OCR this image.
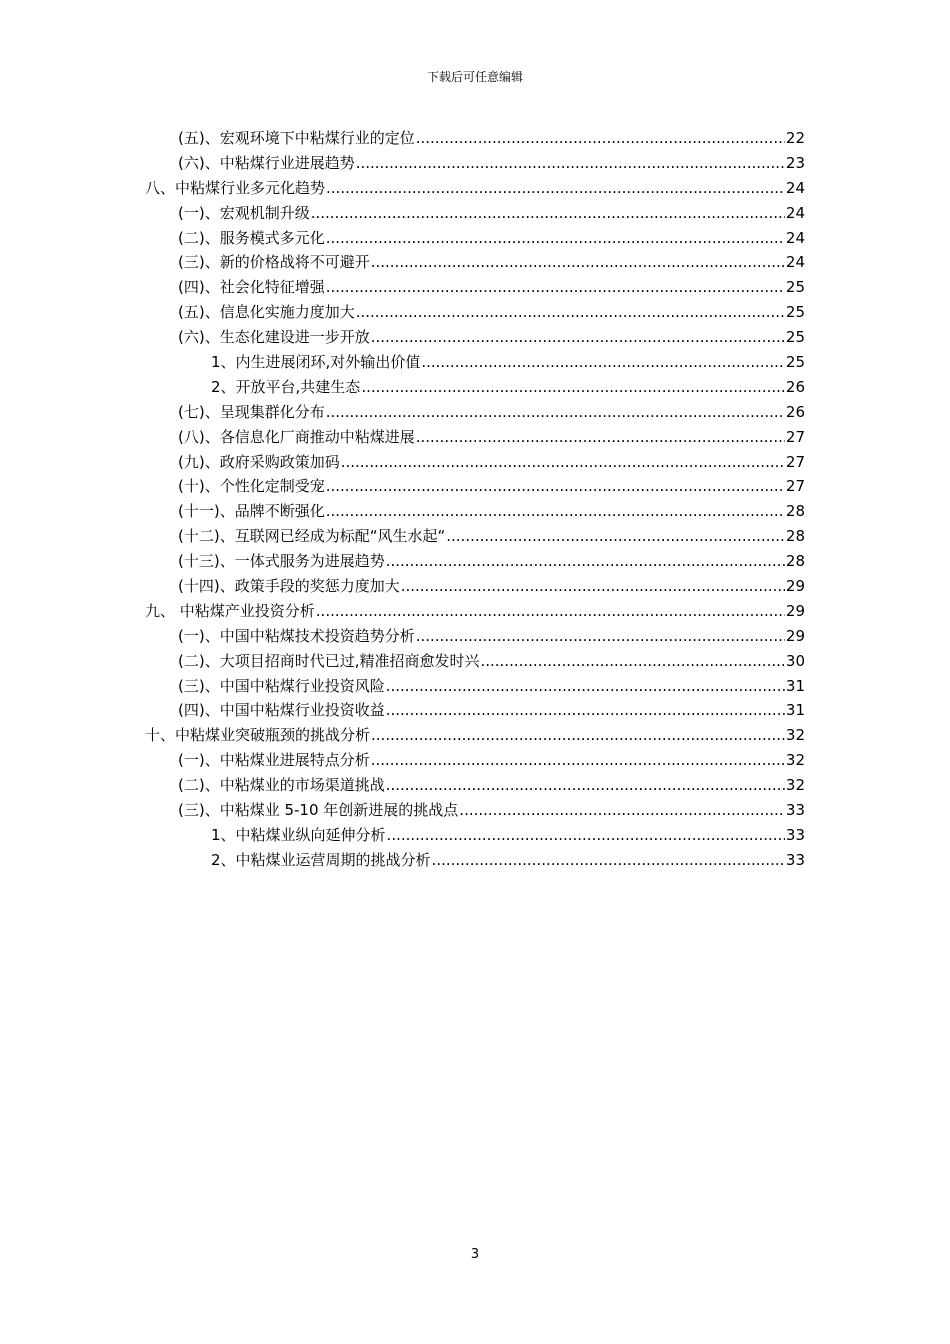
下载后可任意编辑
(五)、宏观环境下中粘煤行业的定位 .....	22
(六)、中粘煤行业进展趋势 .....	23
八、中粘煤行业多元化趋势 .....	24
(一)、宏观机制升级 .....	24
(二)、服务模式多元化 .....	24
(三)、新的价格战将不可避开 .....	24
(四)、社会化特征增强 .....	25
(五)、信息化实施力度加大 .....	25
(六)、生态化建设进一步开放 .....	25
1、内生进展闭环,对外输出价值 .....	25
2、开放平台,共建生态 .....	26
(七)、呈现集群化分布 .....	26
(八)、各信息化厂商推动中粘煤进展 .....	27
(九)、政府采购政策加码 .....	27
(十)、个性化定制受宠 .....	27
(十一)、品牌不断强化 .....	28
(十二)、互联网已经成为标配“风生水起“ .....	28
(十三)、一体式服务为进展趋势 .....	28
(十四)、政策手段的奖惩力度加大 .....	29
九、 中粘煤产业投资分析 .....	29
(一)、中国中粘煤技术投资趋势分析 .....	29
(二)、大项目招商时代已过,精准招商愈发时兴 .....	30
(三)、中国中粘煤行业投资风险 .....	31
(四)、中国中粘煤行业投资收益 .....	31
十、中粘煤业突破瓶颈的挑战分析 .....	32
(一)、中粘煤业进展特点分析 .....	32
(二)、中粘煤业的市场渠道挑战 .....	32
(三)、中粘煤业 5-10 年创新进展的挑战点 .....	33
1、中粘煤业纵向延伸分析 .....	33
2、中粘煤业运营周期的挑战分析 .....	33
3
